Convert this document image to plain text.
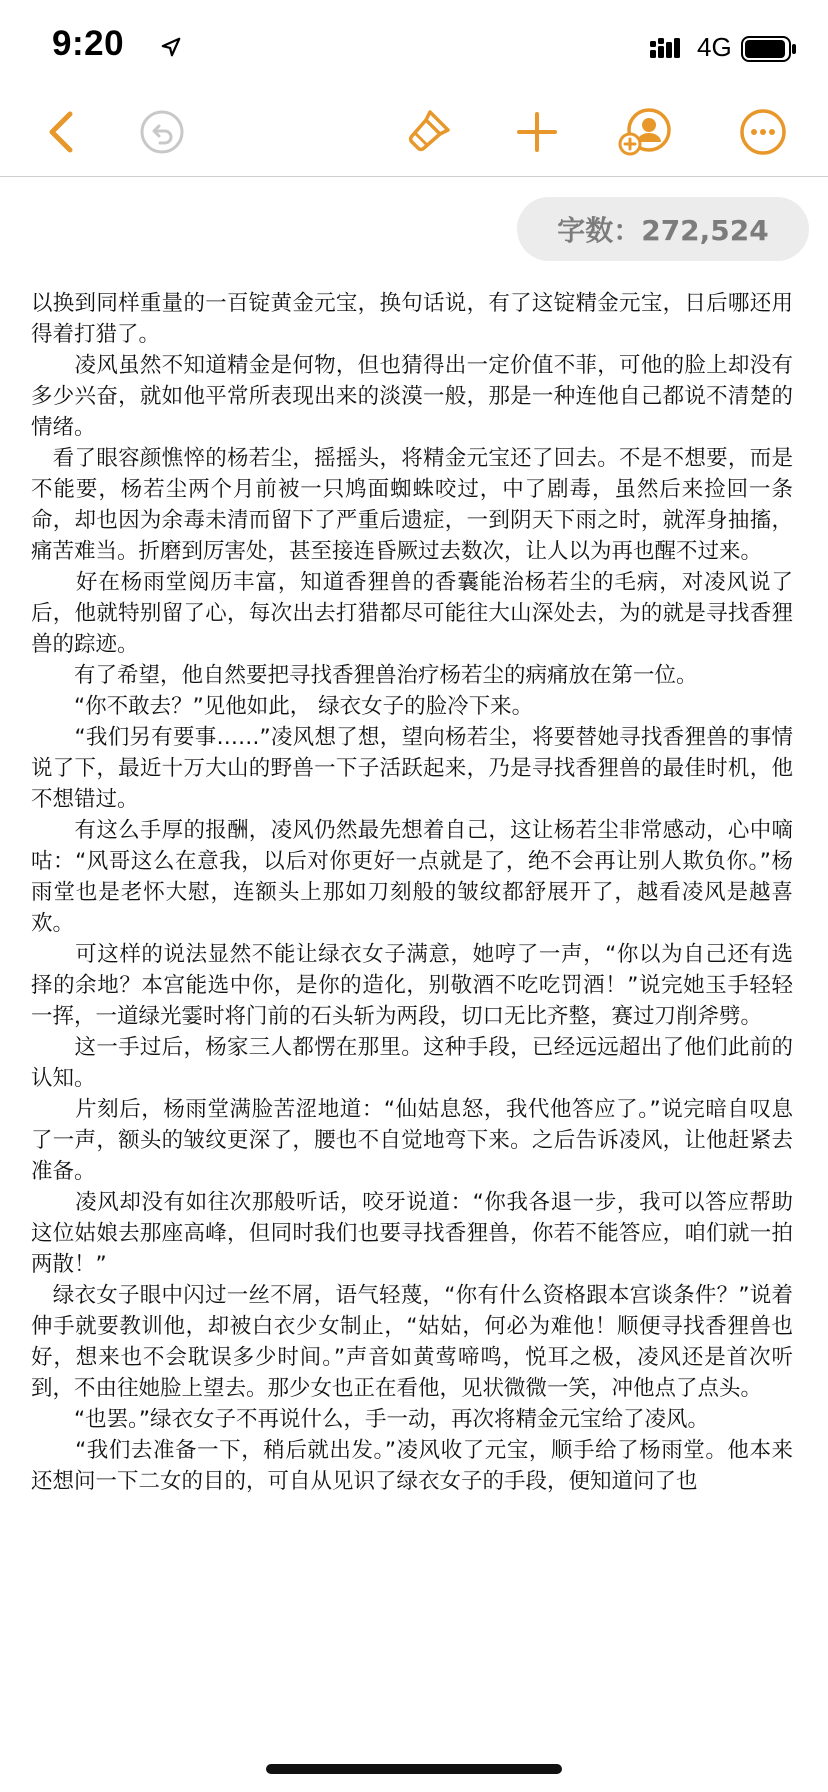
9:20	4G
字数：272,524

以换到同样重量的一百锭黄金元宝，换句话说，有了这锭精金元宝，日后哪还用得着打猎了。

　　凌风虽然不知道精金是何物，但也猜得出一定价值不菲，可他的脸上却没有多少兴奋，就如他平常所表现出来的淡漠一般，那是一种连他自己都说不清楚的情绪。

　看了眼容颜憔悴的杨若尘，摇摇头，将精金元宝还了回去。不是不想要，而是不能要，杨若尘两个月前被一只鸠面蜘蛛咬过，中了剧毒，虽然后来捡回一条命，却也因为余毒未清而留下了严重后遗症，一到阴天下雨之时，就浑身抽搐，痛苦难当。折磨到厉害处，甚至接连昏厥过去数次，让人以为再也醒不过来。

　　好在杨雨堂阅历丰富，知道香狸兽的香囊能治杨若尘的毛病，对凌风说了后，他就特别留了心，每次出去打猎都尽可能往大山深处去，为的就是寻找香狸兽的踪迹。

　　有了希望，他自然要把寻找香狸兽治疗杨若尘的病痛放在第一位。

　　“你不敢去？”见他如此， 绿衣女子的脸冷下来。

　　“我们另有要事……”凌风想了想，望向杨若尘，将要替她寻找香狸兽的事情说了下，最近十万大山的野兽一下子活跃起来，乃是寻找香狸兽的最佳时机，他不想错过。

　　有这么手厚的报酬，凌风仍然最先想着自己，这让杨若尘非常感动，心中嘀咕：“风哥这么在意我，以后对你更好一点就是了，绝不会再让别人欺负你。”杨雨堂也是老怀大慰，连额头上那如刀刻般的皱纹都舒展开了，越看凌风是越喜欢。

　　可这样的说法显然不能让绿衣女子满意，她哼了一声，“你以为自己还有选择的余地？本宫能选中你，是你的造化，别敬酒不吃吃罚酒！”说完她玉手轻轻一挥，一道绿光霎时将门前的石头斩为两段，切口无比齐整，赛过刀削斧劈。

　　这一手过后，杨家三人都愣在那里。这种手段，已经远远超出了他们此前的认知。

　　片刻后，杨雨堂满脸苦涩地道：“仙姑息怒，我代他答应了。”说完暗自叹息了一声，额头的皱纹更深了，腰也不自觉地弯下来。之后告诉凌风，让他赶紧去准备。

　　凌风却没有如往次那般听话，咬牙说道：“你我各退一步，我可以答应帮助这位姑娘去那座高峰，但同时我们也要寻找香狸兽，你若不能答应，咱们就一拍两散！”

　绿衣女子眼中闪过一丝不屑，语气轻蔑，“你有什么资格跟本宫谈条件？”说着伸手就要教训他，却被白衣少女制止，“姑姑，何必为难他！顺便寻找香狸兽也好，想来也不会耽误多少时间。”声音如黄莺啼鸣，悦耳之极，凌风还是首次听到，不由往她脸上望去。那少女也正在看他，见状微微一笑，冲他点了点头。

　　“也罢。”绿衣女子不再说什么，手一动，再次将精金元宝给了凌风。

　　“我们去准备一下，稍后就出发。”凌风收了元宝，顺手给了杨雨堂。他本来还想问一下二女的目的，可自从见识了绿衣女子的手段，便知道问了也
